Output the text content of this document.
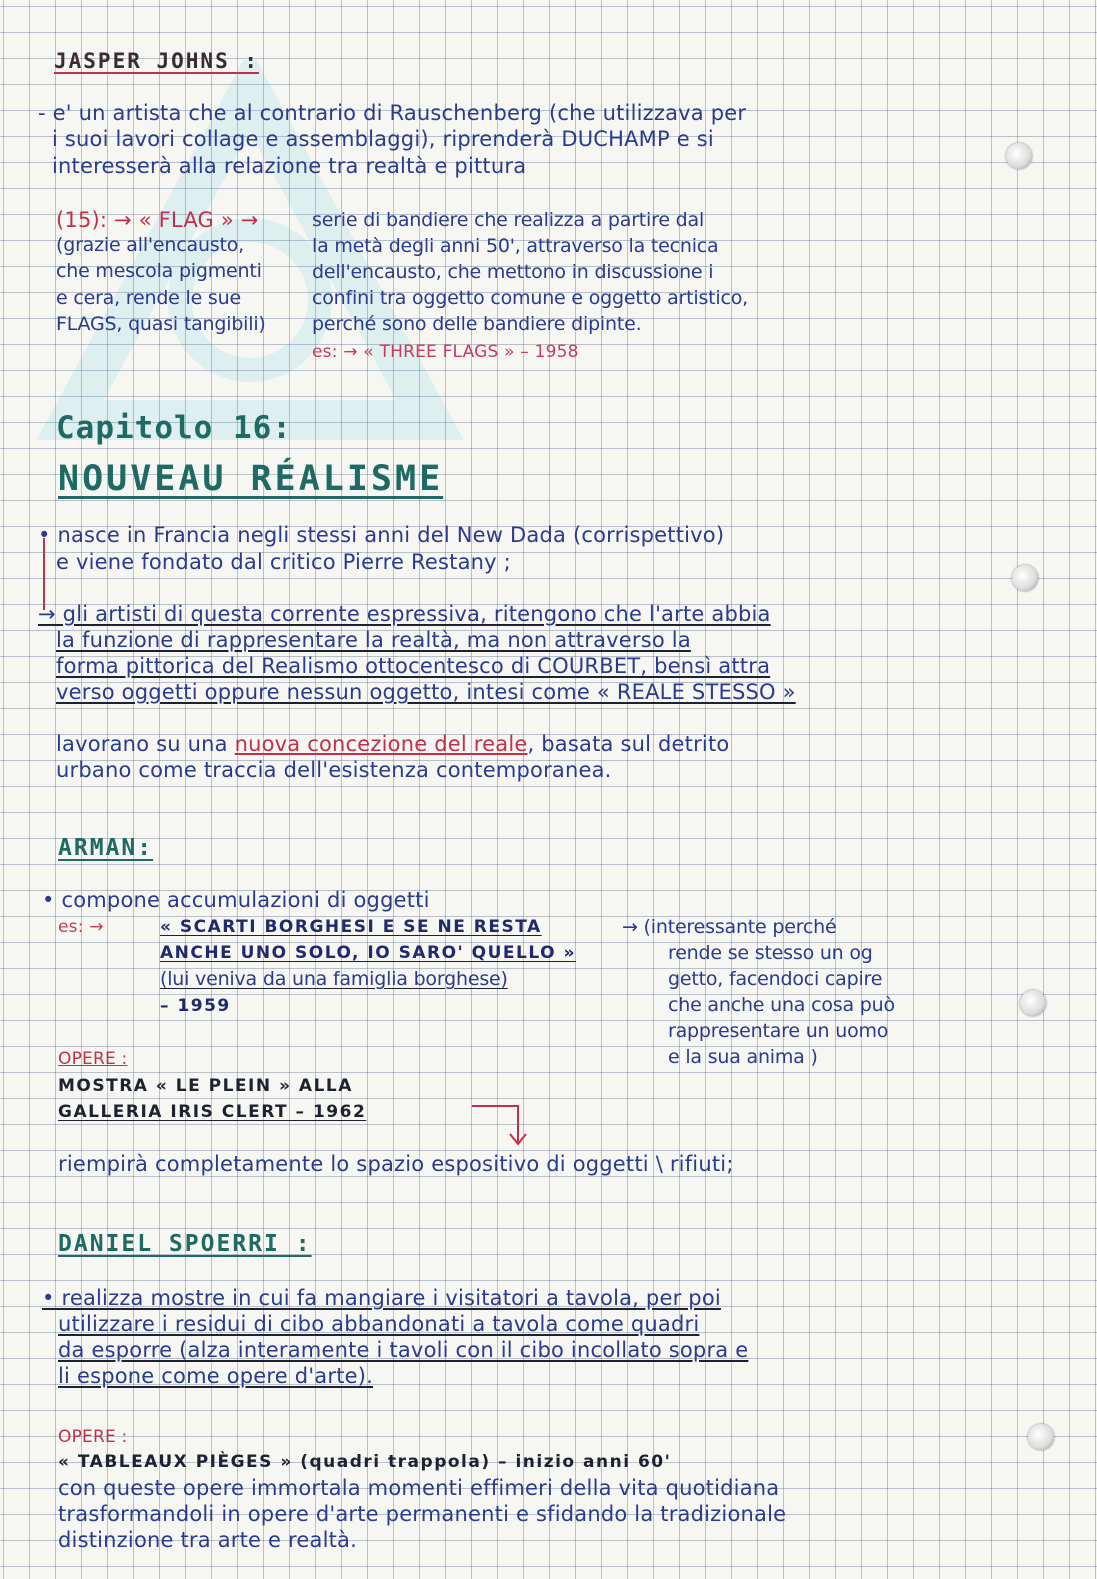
JASPER JOHNS :
- e' un artista che al contrario di Rauschenberg (che utilizzava per
i suoi lavori collage e assemblaggi), riprenderà DUCHAMP e si
interesserà alla relazione tra realtà e pittura
(15): → « FLAG » →
(grazie all'encausto,
che mescola pigmenti
e cera, rende le sue
FLAGS, quasi tangibili)
serie di bandiere che realizza a partire dal
la metà degli anni 50', attraverso la tecnica
dell'encausto, che mettono in discussione i
confini tra oggetto comune e oggetto artistico,
perché sono delle bandiere dipinte.
es: → « THREE FLAGS » – 1958
Capitolo 16:
NOUVEAU RÉALISME
• nasce in Francia negli stessi anni del New Dada (corrispettivo)
e viene fondato dal critico Pierre Restany ;
→ gli artisti di questa corrente espressiva, ritengono che l'arte abbia
la funzione di rappresentare la realtà, ma non attraverso la
forma pittorica del Realismo ottocentesco di COURBET, bensì attra
verso oggetti oppure nessun oggetto, intesi come « REALE STESSO »
lavorano su una nuova concezione del reale, basata sul detrito
urbano come traccia dell'esistenza contemporanea.
ARMAN:
• compone accumulazioni di oggetti
es: →	« SCARTI BORGHESI E SE NE RESTA
ANCHE UNO SOLO, IO SARO' QUELLO »
(lui veniva da una famiglia borghese)
– 1959
→ (interessante perché
rende se stesso un og
getto, facendoci capire
che anche una cosa può
rappresentare un uomo
e la sua anima )
OPERE :
MOSTRA « LE PLEIN » ALLA
GALLERIA IRIS CLERT – 1962
riempirà completamente lo spazio espositivo di oggetti \ rifiuti;
DANIEL SPOERRI :
• realizza mostre in cui fa mangiare i visitatori a tavola, per poi
utilizzare i residui di cibo abbandonati a tavola come quadri
da esporre (alza interamente i tavoli con il cibo incollato sopra e
li espone come opere d'arte).
OPERE :
« TABLEAUX PIÈGES » (quadri trappola) – inizio anni 60'
con queste opere immortala momenti effimeri della vita quotidiana
trasformandoli in opere d'arte permanenti e sfidando la tradizionale
distinzione tra arte e realtà.
